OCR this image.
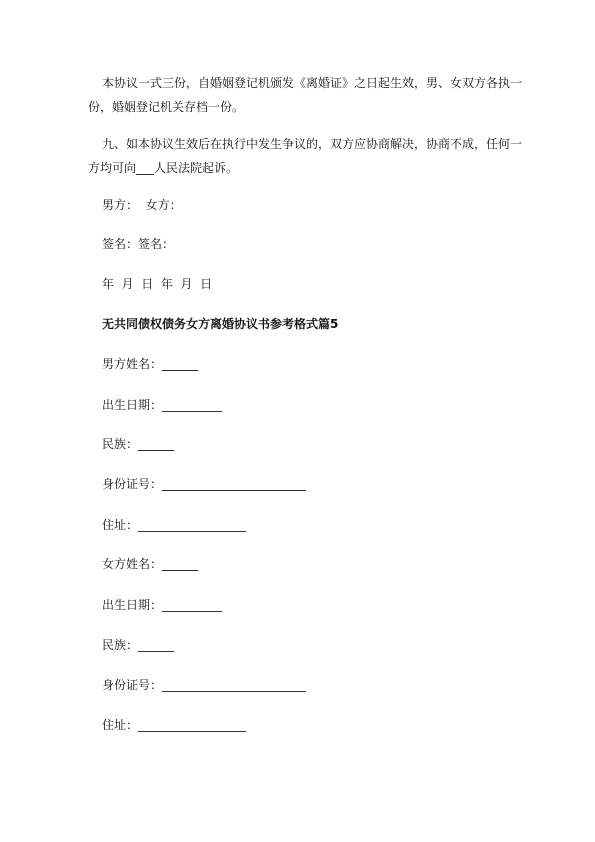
本协议一式三份，自婚姻登记机颁发《离婚证》之日起生效，男、女双方各执一份，婚姻登记机关存档一份。

九、如本协议生效后在执行中发生争议的，双方应协商解决，协商不成，任何一方均可向___人民法院起诉。

男方：  女方：
签名：签名：
年  月  日  年  月  日
无共同债权债务女方离婚协议书参考格式篇5
男方姓名：______
出生日期：__________
民族：______
身份证号：________________________
住址：__________________
女方姓名：______
出生日期：__________
民族：______
身份证号：________________________
住址：__________________
